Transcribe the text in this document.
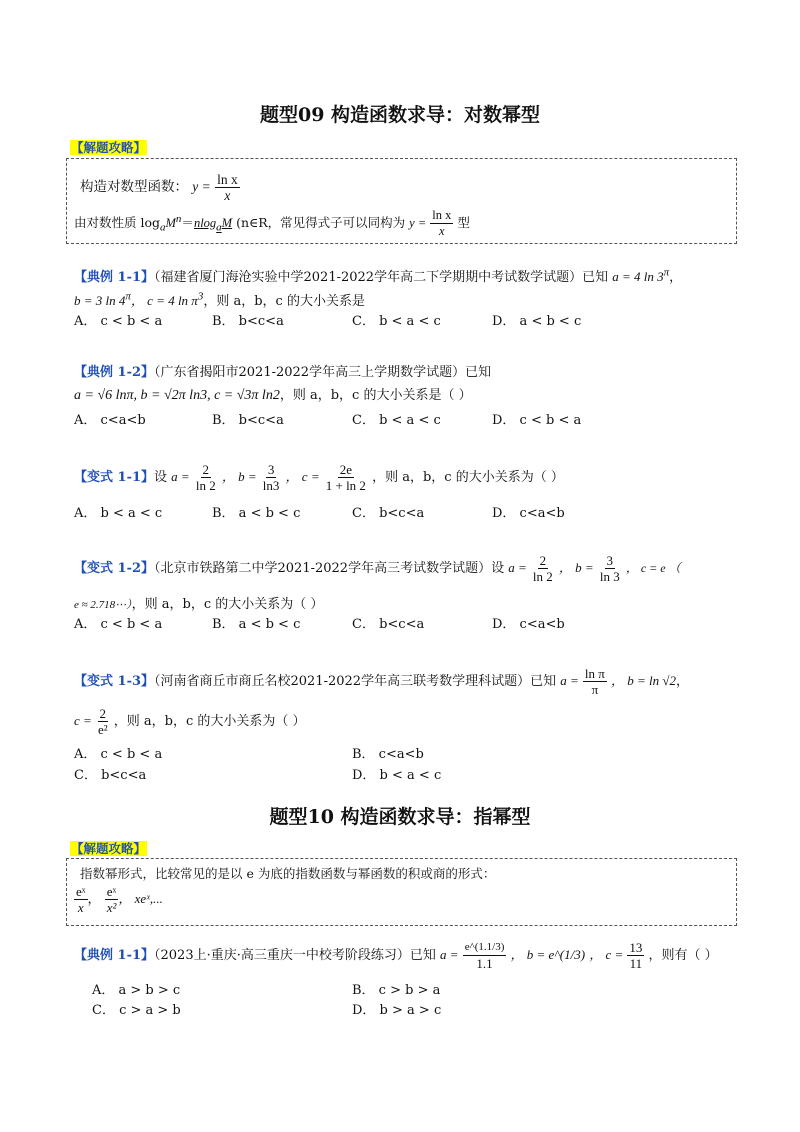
题型09 构造函数求导：对数幂型
【解题攻略】
构造对数型函数： $y = \frac{\text{ln x}}{x}$
由对数性质 $\log_aM^n=nlog_aM$ (n∈R，常见得式子可以同构为 $y = \frac{\text{ln x}}{x}$ 型
【典例 1-1】（福建省厦门海沧实验中学2021-2022学年高二下学期期中考试数学试题）已知 a = 4 $\ln 3^\pi$，
b = 3 $\ln 4^\pi$， c = 4 $\ln \pi^3$，则 a，b，c 的大小关系是
A． c < b < a	B． b<c<a	C． b < a < c	D． a < b < c
【典例 1-2】（广东省揭阳市2021-2022学年高三上学期数学试题）已知
a = √6 lnπ, b = √2π ln3, c = √3π ln2，则 a，b，c 的大小关系是（ ）
A． c<a<b	B． b<c<a	C． b < a < c	D． c < b < a
【变式 1-1】设 $a = \frac{2}{\ln 2}$ ， $b = \frac{3}{\ln 3}$ ， $c = \frac{2e}{1 + \ln 2}$ ，则 a，b，c 的大小关系为（ ）
A． b < a < c	B． a < b < c	C． b<c<a	D． c<a<b
【变式 1-2】（北京市铁路第二中学2021-2022学年高三考试数学试题）设 $a = \frac{2}{\ln 2}$ ， $b = \frac{3}{\ln 3}$ ， c = e （
e ≈ 2.718⋯），则 a，b，c 的大小关系为（ ）
A． c < b < a	B． a < b < c	C． b<c<a	D． c<a<b
【变式 1-3】（河南省商丘市商丘名校2021-2022学年高三联考数学理科试题）已知 $a = \frac{\text{ln π}}{\pi}$ ， b = ln √2，
$c = \frac{2}{\text{e²}}$ ，则 a，b，c 的大小关系为（ ）
A． c < b < a	B． c<a<b
C． b<c<a	D． b < a < c
题型10 构造函数求导：指幂型
【解题攻略】
指数幂形式，比较常见的是以 e 为底的指数函数与幂函数的积或商的形式：
$\frac{\text{eˣ}}{x}$ ， $\frac{\text{eˣ}}{\text{x²}}$ ， xeˣ,...
【典例 1-1】（2023上·重庆·高三重庆一中校考阶段练习）已知 $a = \frac{e\^{}(1.1/3)}{1.1}$ ， b = e^(1/3) ， $c = \frac{13}{11}$ ，则有（ ）
A． a > b > c	B． c > b > a
C． c > a > b	D． b > a > c
